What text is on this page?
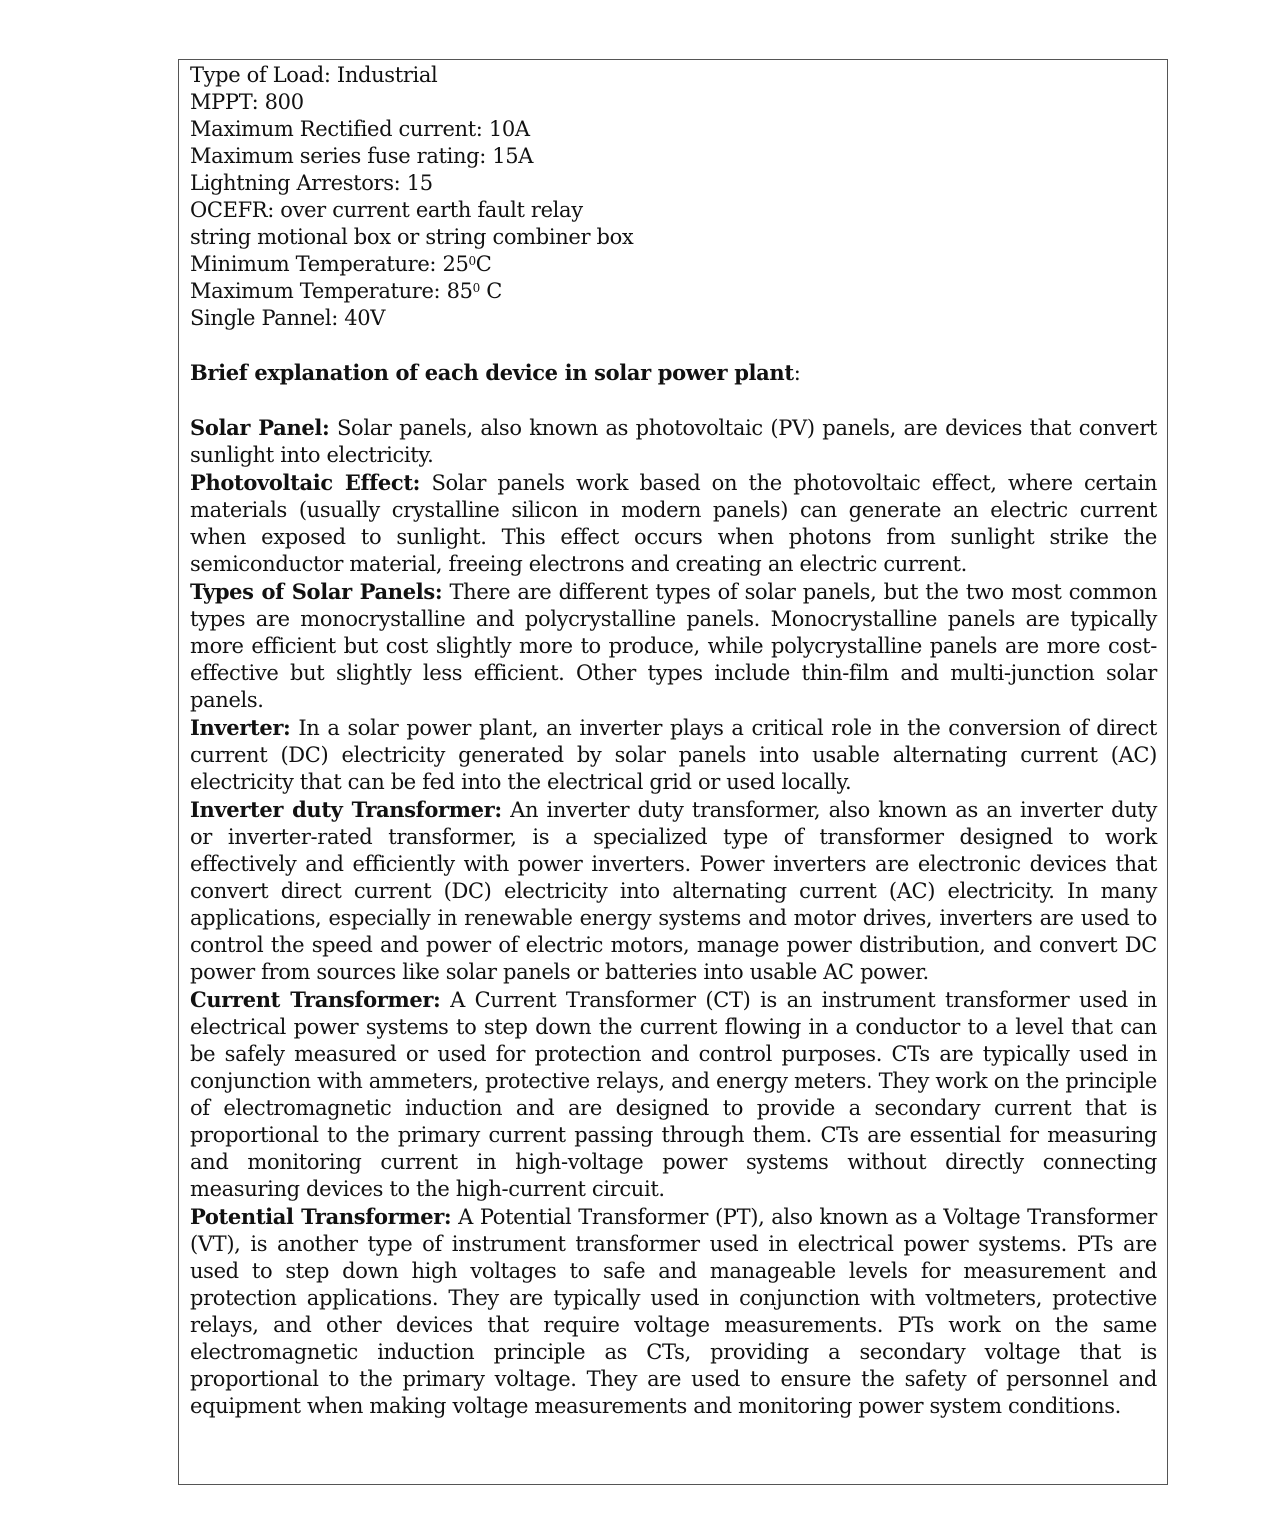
Type of Load: Industrial
MPPT: 800
Maximum Rectified current: 10A
Maximum series fuse rating: 15A
Lightning Arrestors: 15
OCEFR: over current earth fault relay
string motional box or string combiner box
Minimum Temperature: $25^0C$
Maximum Temperature: $85^0$ C
Single Pannel: 40V
Brief explanation of each device in solar power plant:
Solar Panel: Solar panels, also known as photovoltaic (PV) panels, are devices that convert sunlight into electricity.
Photovoltaic Effect: Solar panels work based on the photovoltaic effect, where certain materials (usually crystalline silicon in modern panels) can generate an electric current when exposed to sunlight. This effect occurs when photons from sunlight strike the semiconductor material, freeing electrons and creating an electric current.
Types of Solar Panels: There are different types of solar panels, but the two most common types are monocrystalline and polycrystalline panels. Monocrystalline panels are typically more efficient but cost slightly more to produce, while polycrystalline panels are more cost-effective but slightly less efficient. Other types include thin-film and multi-junction solar panels.
Inverter: In a solar power plant, an inverter plays a critical role in the conversion of direct current (DC) electricity generated by solar panels into usable alternating current (AC) electricity that can be fed into the electrical grid or used locally.
Inverter duty Transformer: An inverter duty transformer, also known as an inverter duty or inverter-rated transformer, is a specialized type of transformer designed to work effectively and efficiently with power inverters. Power inverters are electronic devices that convert direct current (DC) electricity into alternating current (AC) electricity. In many applications, especially in renewable energy systems and motor drives, inverters are used to control the speed and power of electric motors, manage power distribution, and convert DC power from sources like solar panels or batteries into usable AC power.
Current Transformer: A Current Transformer (CT) is an instrument transformer used in electrical power systems to step down the current flowing in a conductor to a level that can be safely measured or used for protection and control purposes. CTs are typically used in conjunction with ammeters, protective relays, and energy meters. They work on the principle of electromagnetic induction and are designed to provide a secondary current that is proportional to the primary current passing through them. CTs are essential for measuring and monitoring current in high-voltage power systems without directly connecting measuring devices to the high-current circuit.
Potential Transformer: A Potential Transformer (PT), also known as a Voltage Transformer (VT), is another type of instrument transformer used in electrical power systems. PTs are used to step down high voltages to safe and manageable levels for measurement and protection applications. They are typically used in conjunction with voltmeters, protective relays, and other devices that require voltage measurements. PTs work on the same electromagnetic induction principle as CTs, providing a secondary voltage that is proportional to the primary voltage. They are used to ensure the safety of personnel and equipment when making voltage measurements and monitoring power system conditions.
